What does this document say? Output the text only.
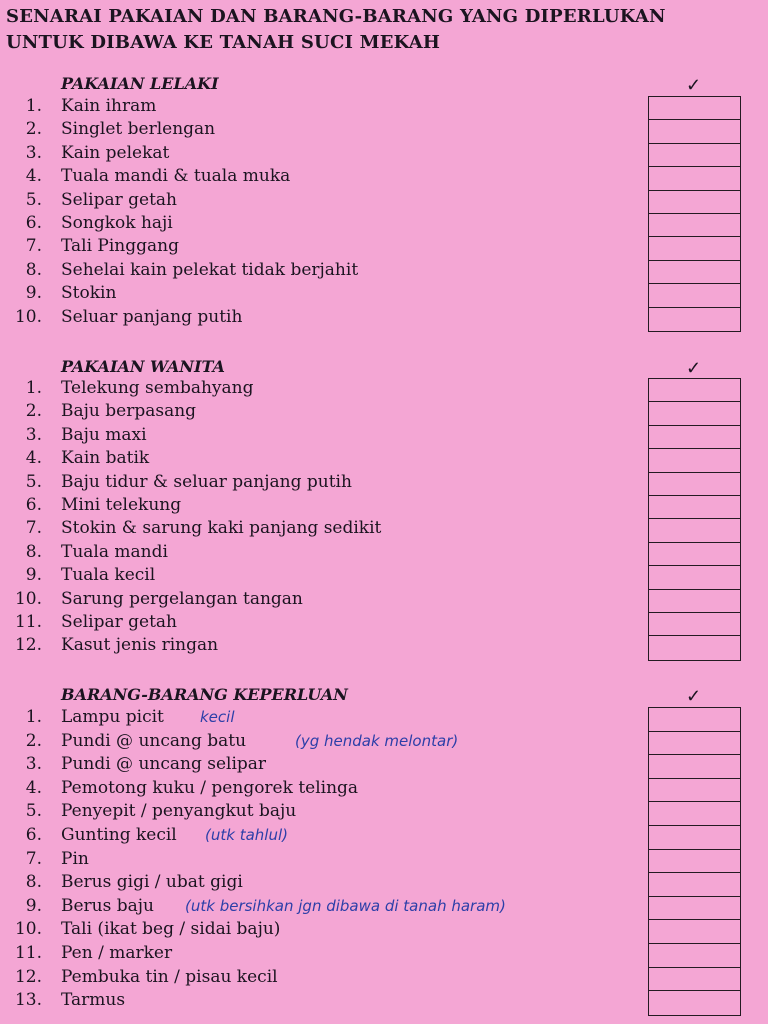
SENARAI PAKAIAN DAN BARANG-BARANG YANG DIPERLUKAN
UNTUK DIBAWA KE TANAH SUCI MEKAH
PAKAIAN LELAKI	✓
1. Kain ihram
2. Singlet berlengan
3. Kain pelekat
4. Tuala mandi & tuala muka
5. Selipar getah
6. Songkok haji
7. Tali Pinggang
8. Sehelai kain pelekat tidak berjahit
9. Stokin
10. Seluar panjang putih
PAKAIAN WANITA	✓
1. Telekung sembahyang
2. Baju berpasang
3. Baju maxi
4. Kain batik
5. Baju tidur & seluar panjang putih
6. Mini telekung
7. Stokin & sarung kaki panjang sedikit
8. Tuala mandi
9. Tuala kecil
10. Sarung pergelangan tangan
11. Selipar getah
12. Kasut jenis ringan
BARANG-BARANG KEPERLUAN	✓
1. Lampu picit kecil
2. Pundi @ uncang batu	(yg hendak melontar)
3. Pundi @ uncang selipar
4. Pemotong kuku / pengorek telinga
5. Penyepit / penyangkut baju
6. Gunting kecil (utk tahlul)
7. Pin
8. Berus gigi / ubat gigi
9. Berus baju (utk bersihkan jgn dibawa di tanah haram)
10. Tali (ikat beg / sidai baju)
11. Pen / marker
12. Pembuka tin / pisau kecil
13. Tarmus
